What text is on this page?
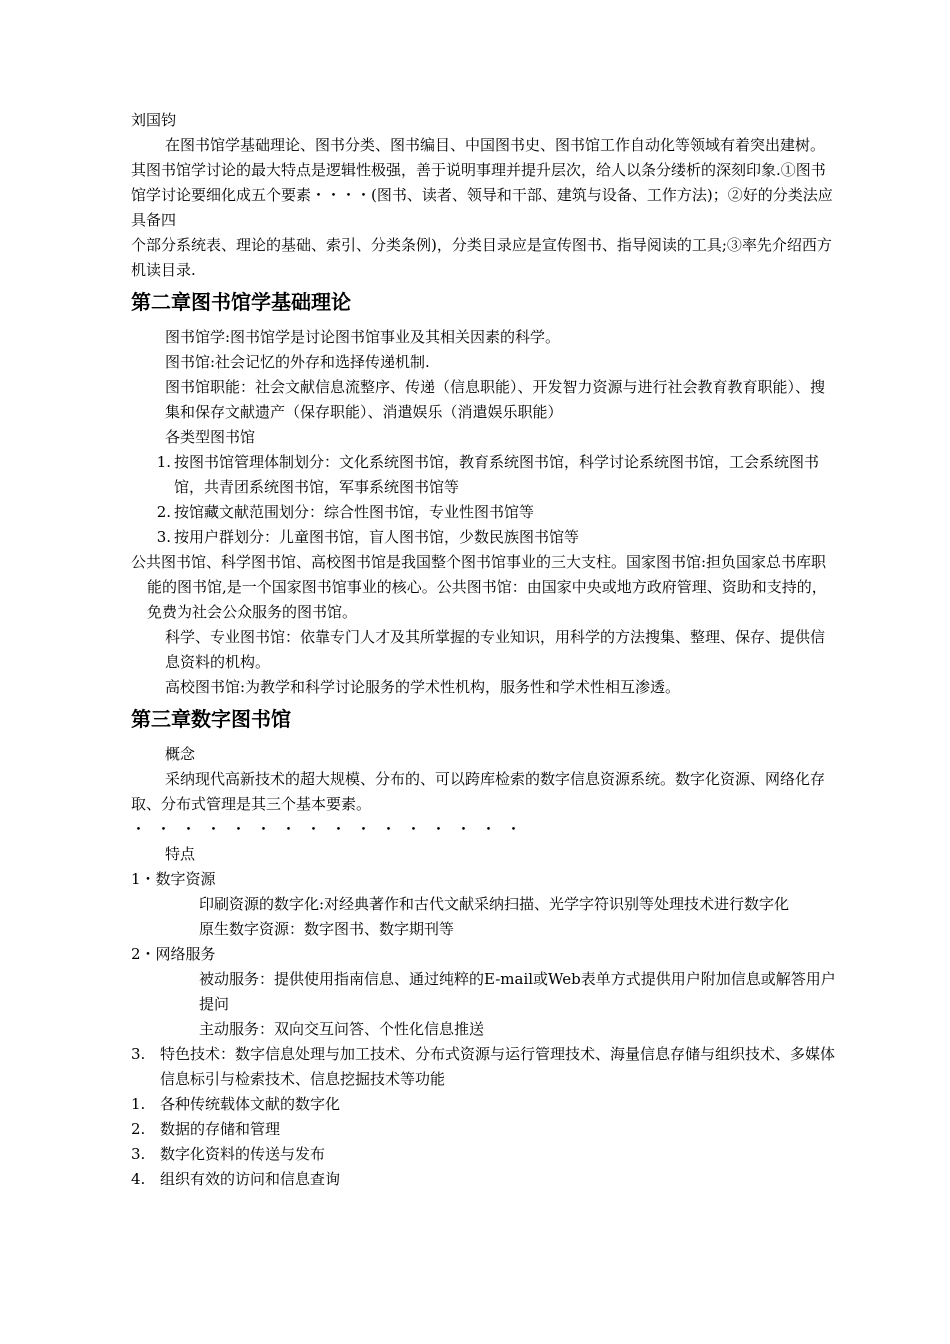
刘国钧

在图书馆学基础理论、图书分类、图书编目、中国图书史、图书馆工作自动化等领域有着突出建树。其图书馆学讨论的最大特点是逻辑性极强，善于说明事理并提升层次，给人以条分缕析的深刻印象.①图书馆学讨论要细化成五个要素・・・・(图书、读者、领导和干部、建筑与设备、工作方法)；②好的分类法应具备四

个部分系统表、理论的基础、索引、分类条例)，分类目录应是宣传图书、指导阅读的工具;③率先介绍西方机读目录.

第二章图书馆学基础理论

图书馆学:图书馆学是讨论图书馆事业及其相关因素的科学。

图书馆:社会记忆的外存和选择传递机制.

图书馆职能：社会文献信息流整序、传递（信息职能）、开发智力资源与进行社会教育教育职能）、搜集和保存文献遗产（保存职能）、消遣娱乐（消遣娱乐职能）

各类型图书馆

1. 按图书馆管理体制划分：文化系统图书馆，教育系统图书馆，科学讨论系统图书馆，工会系统图书馆，共青团系统图书馆，军事系统图书馆等
2. 按馆藏文献范围划分：综合性图书馆，专业性图书馆等
3. 按用户群划分：儿童图书馆，盲人图书馆，少数民族图书馆等

公共图书馆、科学图书馆、高校图书馆是我国整个图书馆事业的三大支柱。国家图书馆:担负国家总书库职能的图书馆,是一个国家图书馆事业的核心。公共图书馆：由国家中央或地方政府管理、资助和支持的，免费为社会公众服务的图书馆。

科学、专业图书馆：依靠专门人才及其所掌握的专业知识，用科学的方法搜集、整理、保存、提供信息资料的机构。

高校图书馆:为教学和科学讨论服务的学术性机构，服务性和学术性相互渗透。

第三章数字图书馆

概念

采纳现代高新技术的超大规模、分布的、可以跨库检索的数字信息资源系统。数字化资源、网络化存取、分布式管理是其三个基本要素。

・・・・・・・・・・・・・・・・

特点

1・数字资源

印刷资源的数字化:对经典著作和古代文献采纳扫描、光学字符识别等处理技术进行数字化

原生数字资源：数字图书、数字期刊等

2・网络服务

被动服务：提供使用指南信息、通过纯粹的E-mail或Web表单方式提供用户附加信息或解答用户提问

主动服务：双向交互问答、个性化信息推送

3. 特色技术：数字信息处理与加工技术、分布式资源与运行管理技术、海量信息存储与组织技术、多媒体信息标引与检索技术、信息挖掘技术等功能
1. 各种传统载体文献的数字化
2. 数据的存储和管理
3. 数字化资料的传送与发布
4. 组织有效的访问和信息查询
